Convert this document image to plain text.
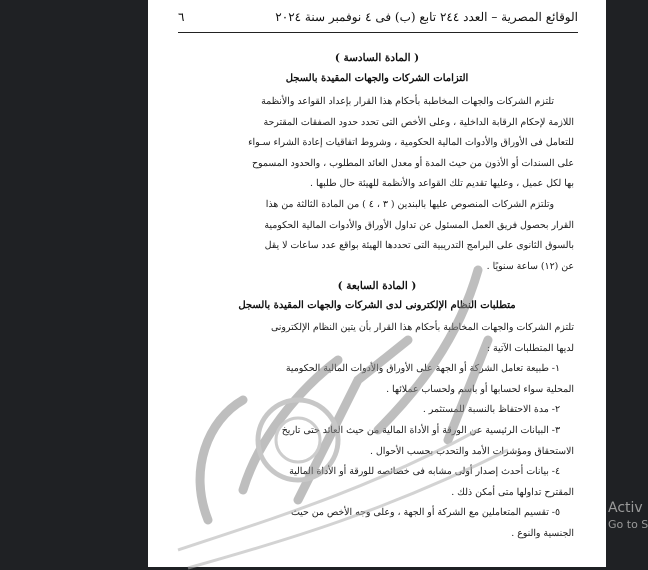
٦	الوقائع المصرية – العدد ٢٤٤ تابع (ب) فى ٤ نوفمبر سنة ٢٠٢٤
( المادة السادسة )
التزامات الشركات والجهات المقيدة بالسجل
تلتزم الشركات والجهات المخاطبة بأحكام هذا القرار بإعداد القواعد والأنظمة
اللازمة لإحكام الرقابة الداخلية ، وعلى الأخص التى تحدد حدود الصفقات المقترحة
للتعامل فى الأوراق والأدوات المالية الحكومية ، وشروط اتفاقيات إعادة الشراء سـواء
على السندات أو الأذون من حيث المدة أو معدل العائد المطلوب ، والحدود المسموح
بها لكل عميل ، وعليها تقديم تلك القواعد والأنظمة للهيئة حال طلبها .
وتلتزم الشركات المنصوص عليها بالبندين ( ٣ ، ٤ ) من المادة الثالثة من هذا
القرار بحصول فريق العمل المسئول عن تداول الأوراق والأدوات المالية الحكومية
بالسوق الثانوى على البرامج التدريبية التى تحددها الهيئة بواقع عدد ساعات لا يقل
عن (١٢) ساعة سنويًا .
( المادة السابعة )
متطلبات النظام الإلكترونى لدى الشركات والجهات المقيدة بالسجل
تلتزم الشركات والجهات المخاطبة بأحكام هذا القرار بأن يتين النظام الإلكترونى
لديها المتطلبات الآتية :
١- طبيعة تعامل الشركة أو الجهة على الأوراق والأدوات المالية الحكومية
المحلية سواء لحسابها أو باسم ولحساب عملائها .
٢- مدة الاحتفاظ بالنسبة للمستثمر .
٣- البيانات الرئيسية عن الورقة أو الأداة المالية من حيث العائد حتى تاريخ
الاستحقاق ومؤشرات الأمد والتحدب بحسب الأحوال .
٤- بيانات أحدث إصدار أولى مشابه فى خصائصه للورقة أو الأداة المالية
المقترح تداولها متى أمكن ذلك .
٥- تقسيم المتعاملين مع الشركة أو الجهة ، وعلى وجه الأخص من حيث
الجنسية والنوع .
Activ
Go to S
